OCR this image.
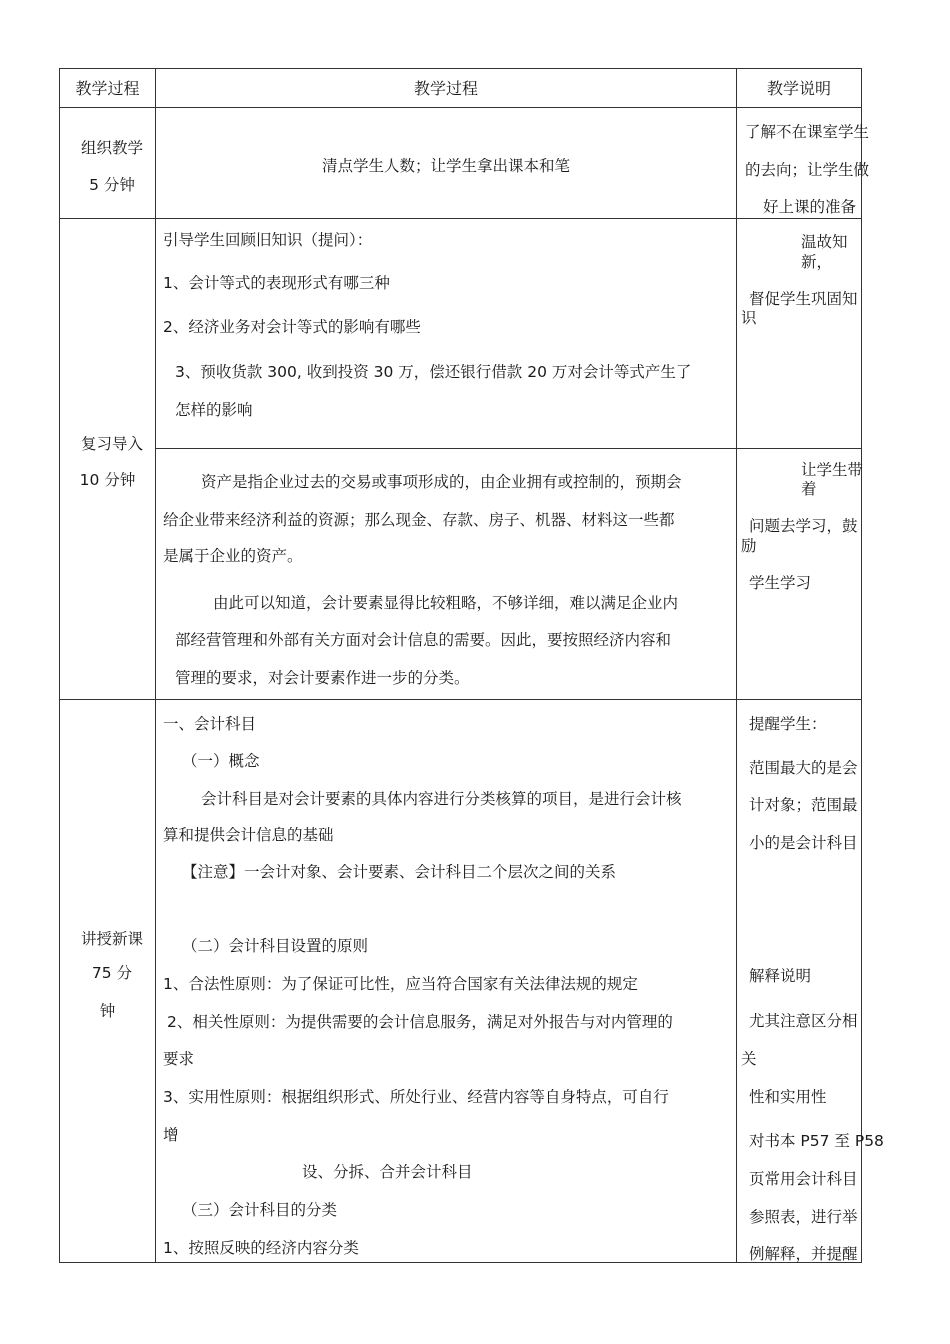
教学过程	教学过程	教学说明
组织教学
5 分钟
清点学生人数；让学生拿出课本和笔
了解不在课室学生
的去向；让学生做
好上课的准备
复习导入
10 分钟
引导学生回顾旧知识（提问）：
1、会计等式的表现形式有哪三种
2、经济业务对会计等式的影响有哪些
3、预收货款 300, 收到投资 30 万，偿还银行借款 20 万对会计等式产生了
怎样的影响
温故知
新，
督促学生巩固知
识
资产是指企业过去的交易或事项形成的，由企业拥有或控制的，预期会
给企业带来经济利益的资源；那么现金、存款、房子、机器、材料这一些都
是属于企业的资产。
由此可以知道，会计要素显得比较粗略，不够详细，难以满足企业内
部经营管理和外部有关方面对会计信息的需要。因此，要按照经济内容和
管理的要求，对会计要素作进一步的分类。
让学生带
着
问题去学习，鼓
励
学生学习
讲授新课
75 分
钟
一、会计科目
（一）概念
会计科目是对会计要素的具体内容进行分类核算的项目，是进行会计核
算和提供会计信息的基础
【注意】一会计对象、会计要素、会计科目二个层次之间的关系
（二）会计科目设置的原则
1、合法性原则：为了保证可比性，应当符合国家有关法律法规的规定
2、相关性原则：为提供需要的会计信息服务，满足对外报告与对内管理的
要求
3、实用性原则：根据组织形式、所处行业、经营内容等自身特点，可自行
增
设、分拆、合并会计科目
（三）会计科目的分类
1、按照反映的经济内容分类
提醒学生：
范围最大的是会
计对象；范围最
小的是会计科目
解释说明
尤其注意区分相
关
性和实用性
对书本 P57 至 P58
页常用会计科目
参照表，进行举
例解释，并提醒
